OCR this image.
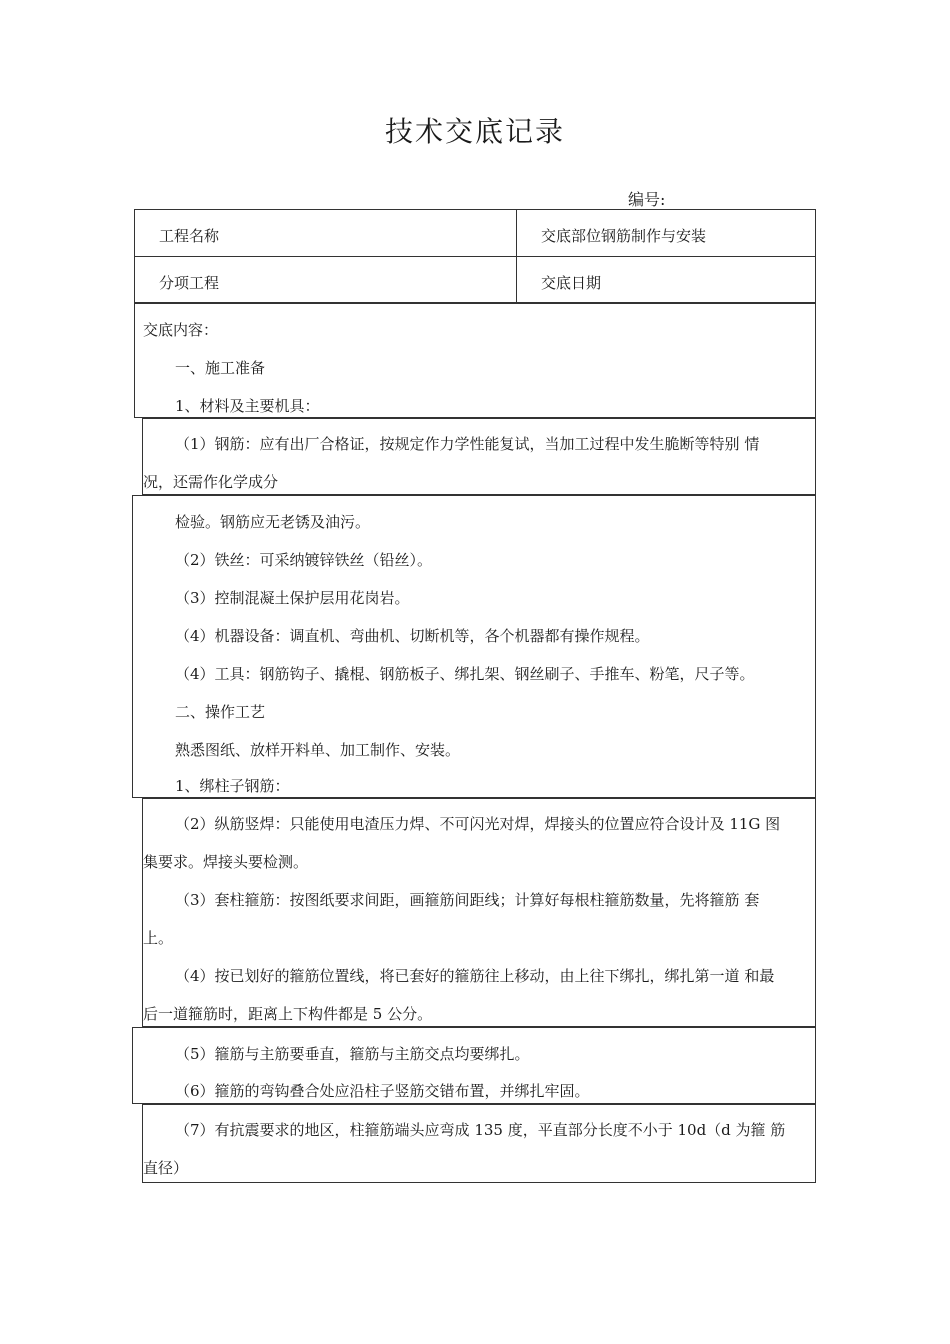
技术交底记录
编号:
工程名称	交底部位钢筋制作与安装
分项工程	交底日期
交底内容：
一、施工准备
1、材料及主要机具：
（1）钢筋：应有出厂合格证，按规定作力学性能复试，当加工过程中发生脆断等特别 情
况，还需作化学成分
检验。钢筋应无老锈及油污。
（2）铁丝：可采纳镀锌铁丝（铅丝）。
（3）控制混凝土保护层用花岗岩。
（4）机器设备：调直机、弯曲机、切断机等，各个机器都有操作规程。
（4）工具：钢筋钩子、撬棍、钢筋板子、绑扎架、钢丝刷子、手推车、粉笔，尺子等。
二、操作工艺
熟悉图纸、放样开料单、加工制作、安装。
1、绑柱子钢筋：
（2）纵筋竖焊：只能使用电渣压力焊、不可闪光对焊，焊接头的位置应符合设计及 11G 图
集要求。焊接头要检测。
（3）套柱箍筋：按图纸要求间距，画箍筋间距线；计算好每根柱箍筋数量，先将箍筋 套
上。
（4）按已划好的箍筋位置线，将已套好的箍筋往上移动，由上往下绑扎，绑扎第一道 和最
后一道箍筋时，距离上下构件都是 5 公分。
（5）箍筋与主筋要垂直，箍筋与主筋交点均要绑扎。
（6）箍筋的弯钩叠合处应沿柱子竖筋交错布置，并绑扎牢固。
（7）有抗震要求的地区，柱箍筋端头应弯成 135 度，平直部分长度不小于 10d（d 为箍 筋
直径）
